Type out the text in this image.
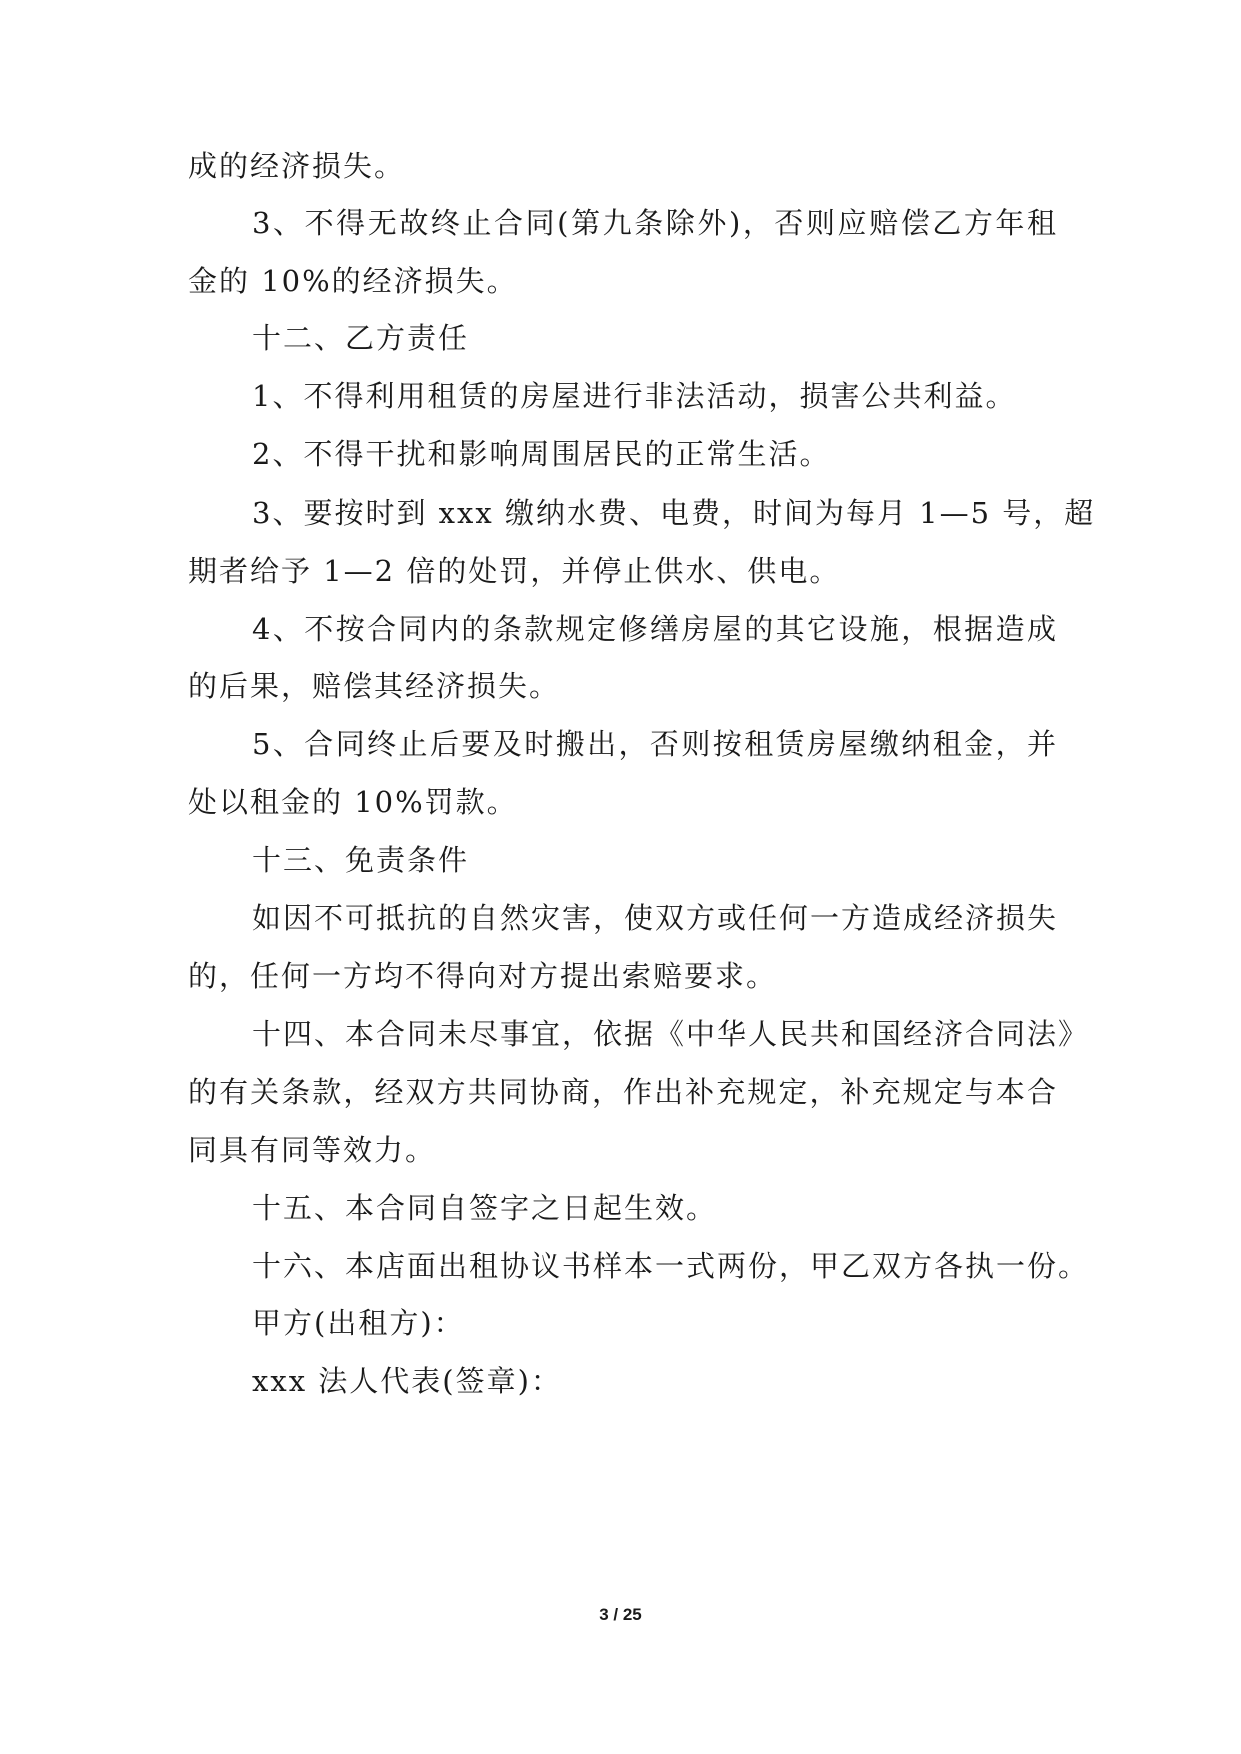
成的经济损失。
3、不得无故终止合同(第九条除外)，否则应赔偿乙方年租
金的 10%的经济损失。
十二、乙方责任
1、不得利用租赁的房屋进行非法活动，损害公共利益。
2、不得干扰和影响周围居民的正常生活。
3、要按时到 xxx 缴纳水费、电费，时间为每月 1—5 号，超
期者给予 1—2 倍的处罚，并停止供水、供电。
4、不按合同内的条款规定修缮房屋的其它设施，根据造成
的后果，赔偿其经济损失。
5、合同终止后要及时搬出，否则按租赁房屋缴纳租金，并
处以租金的 10%罚款。
十三、免责条件
如因不可抵抗的自然灾害，使双方或任何一方造成经济损失
的，任何一方均不得向对方提出索赔要求。
十四、本合同未尽事宜，依据《中华人民共和国经济合同法》
的有关条款，经双方共同协商，作出补充规定，补充规定与本合
同具有同等效力。
十五、本合同自签字之日起生效。
十六、本店面出租协议书样本一式两份，甲乙双方各执一份。
甲方(出租方)：
xxx 法人代表(签章)：
3 / 25
